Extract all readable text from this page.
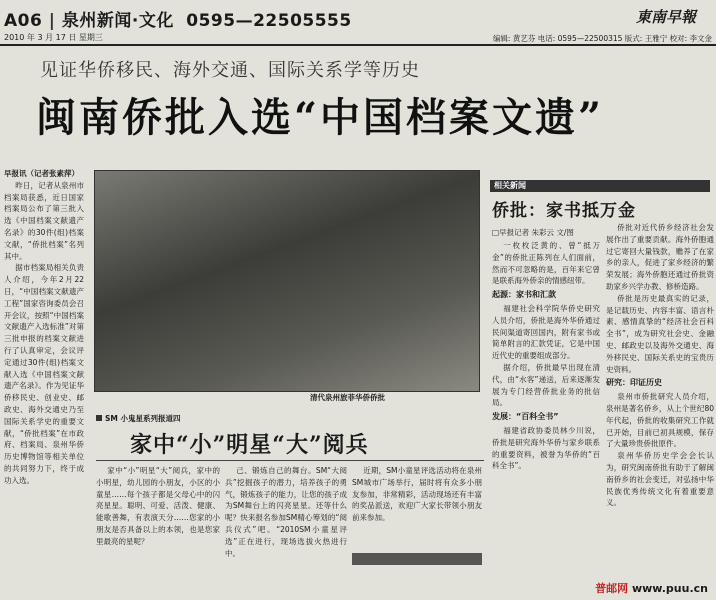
A06 | 泉州新闻·文化 0595—22505555
2010 年 3 月 17 日 星期三
東南早報
编辑: 黄艺芬 电话: 0595—22500315 版式: 王雅宁 校对: 李文金
见证华侨移民、海外交通、国际关系学等历史
闽南侨批入选“中国档案文遗”
早报讯（记者张素萍）

昨日，记者从泉州市档案局获悉，近日国家档案局公布了第三批入选《中国档案文献遗产名录》的30件(组)档案文献，“侨批档案”名列其中。

据市档案局相关负责人介绍，今年2月22日，“中国档案文献遗产工程”国家咨询委员会召开会议，按照“中国档案文献遗产入选标准”对第三批申报的档案文献进行了认真审定，会议评定通过30件(组)档案文献入选《中国档案文献遗产名录》。作为见证华侨移民史、创业史、邮政史、海外交通史乃至国际关系学史的重要文献，“侨批档案”在市政府、档案局、泉州华侨历史博物馆等相关单位的共同努力下，终于成功入选。

清代泉州旅菲华侨侨批
SM 小鬼星系列报道四
家中“小”明星“大”阅兵

家中“小”明星“大”阅兵，家中的小明星，幼儿园的小朋友，小区的小童星……每个孩子都是父母心中的闪亮星星。聪明、可爱、活泼、健康、能歌善舞，有表演天分……您家的小朋友是否具备以上的本领，也是您家里最亮的星呢？

己、锻炼自己的舞台。SM“大阅兵”挖掘孩子的潜力，培养孩子的勇气，锻炼孩子的能力，让您的孩子成为SM舞台上的闪亮星星。还等什么呢？快来报名参加SM精心筹划的“阅兵仪式”吧。“2010SM小童星评选”正在进行，现场选拔火热进行中。

近期，SM小童星评选活动将在泉州SM城市广场举行，届时将有众多小朋友参加，非常精彩，活动现场还有丰富的奖品派送，欢迎广大家长带领小朋友前来参加。

相关新闻
侨批：家书抵万金
□早报记者 朱彩云 文/图

一枚枚泛黄的、曾“抵万金”的侨批正陈列在人们面前，然而不可忽略的是，百年来它曾是联系海外侨亲的情感纽带。

起源：家书和汇款

福建社会科学院华侨史研究人员介绍，侨批是海外华侨通过民间渠道寄回国内，附有家书或简单附言的汇款凭证，它是中国近代史的重要组成部分。

据介绍，侨批最早出现在清代，由“水客”递送，后来逐渐发展为专门经营侨批业务的批信局。

发展：“百科全书”

福建省政协委员林少川说，侨批是研究海外华侨与家乡联系的重要资料，被誉为华侨的“百科全书”。

侨批对近代侨乡经济社会发展作出了重要贡献。海外侨胞通过它寄回大量钱款，赡养了在家乡的亲人，促进了家乡经济的繁荣发展；海外侨胞还通过侨批资助家乡兴学办教、修桥造路。

侨批是历史最真实的记录，是记载历史、内容丰富、语言朴素、感情真挚的“经济社会百科全书”，成为研究社会史、金融史、邮政史以及海外交通史、海外移民史、国际关系史的宝贵历史资料。

研究：印证历史

泉州市侨批研究人员介绍，泉州是著名侨乡，从上个世纪80年代起，侨批的收集研究工作就已开始，目前已初具规模，保存了大量珍贵侨批原件。

泉州华侨历史学会会长认为，研究闽南侨批有助于了解闽南侨乡的社会变迁，对弘扬中华民族优秀传统文化有着重要意义。

普邮网 www.puu.cn
